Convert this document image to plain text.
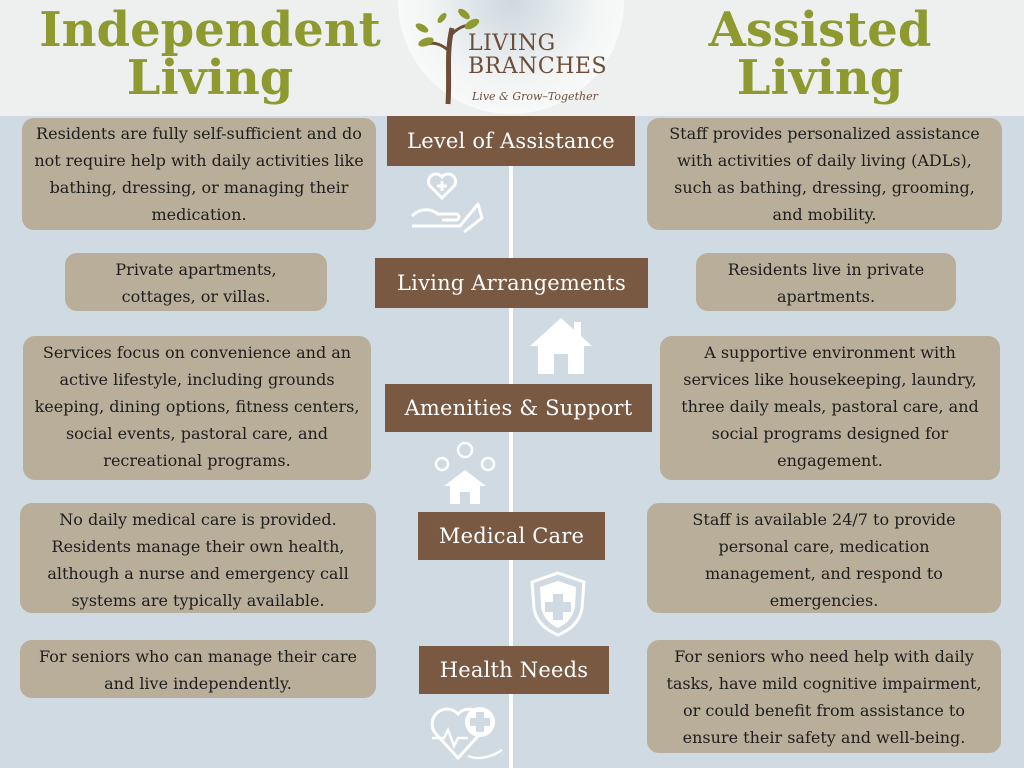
Independent
Living
Assisted
Living
LIVING
BRANCHES
Live & Grow–Together
Residents are fully self-sufficient and do not require help with daily activities like bathing, dressing, or managing their medication.
Level of Assistance	Staff provides personalized assistance with activities of daily living (ADLs), such as bathing, dressing, grooming, and mobility.
Private apartments, cottages, or villas.
Living Arrangements
Residents live in private apartments.
Services focus on convenience and an active lifestyle, including grounds keeping, dining options, fitness centers, social events, pastoral care, and recreational programs.
Amenities & Support
A supportive environment with services like housekeeping, laundry, three daily meals, pastoral care, and social programs designed for engagement.
No daily medical care is provided. Residents manage their own health, although a nurse and emergency call systems are typically available.
Medical Care
Staff is available 24/7 to provide personal care, medication management, and respond to emergencies.
For seniors who can manage their care and live independently.
Health Needs
For seniors who need help with daily tasks, have mild cognitive impairment, or could benefit from assistance to ensure their safety and well-being.
